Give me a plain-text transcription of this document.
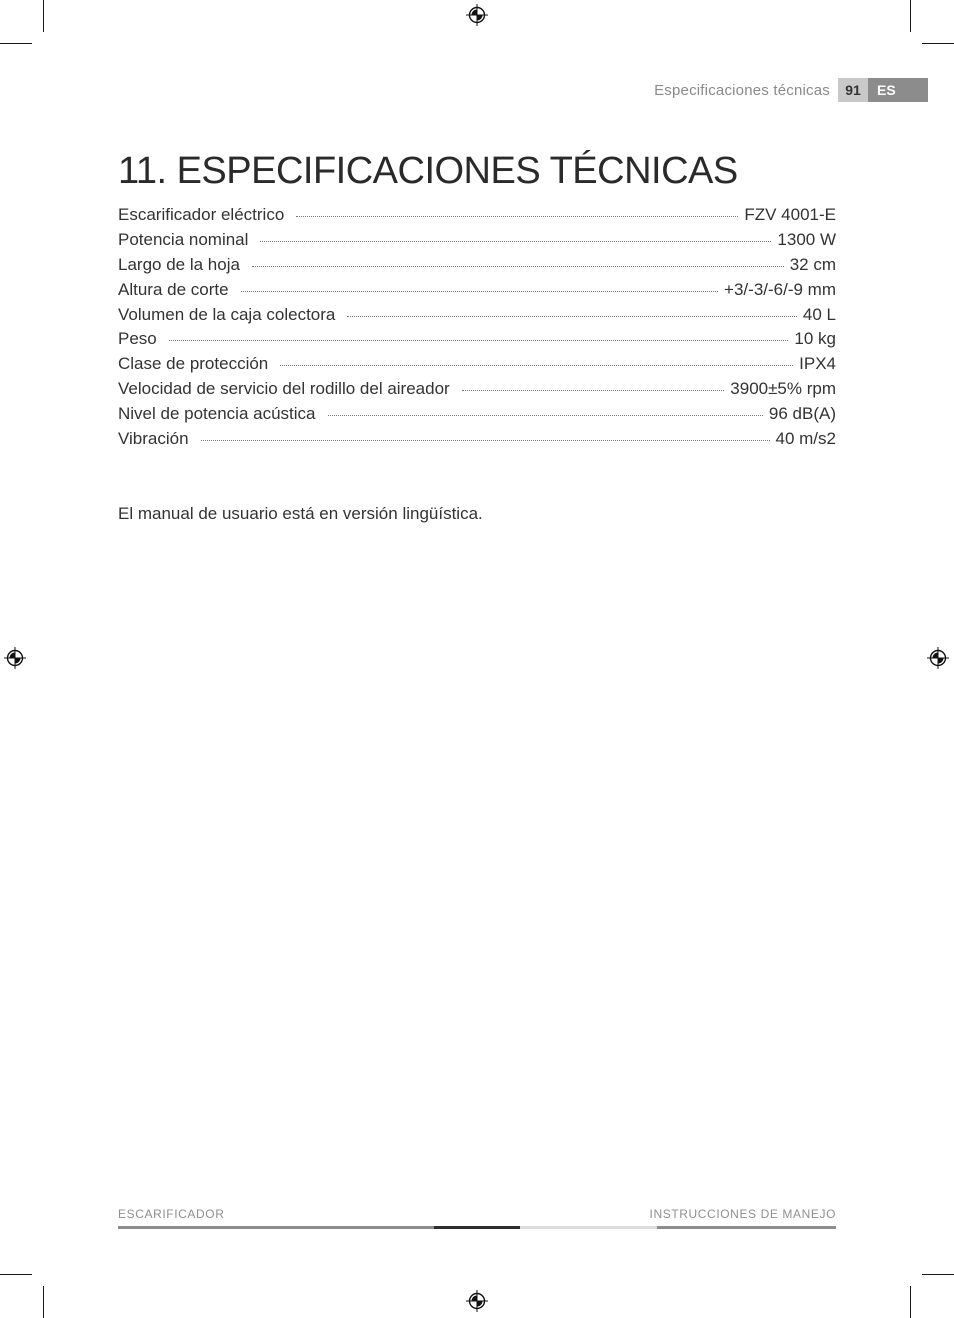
Especificaciones técnicas	91	ES
11. ESPECIFICACIONES TÉCNICAS
Escarificador eléctrico	FZV 4001-E
Potencia nominal	1300 W
Largo de la hoja	32 cm
Altura de corte	+3/-3/-6/-9 mm
Volumen de la caja colectora	40 L
Peso	10 kg
Clase de protección	IPX4
Velocidad de servicio del rodillo del aireador	3900±5% rpm
Nivel de potencia acústica	96 dB(A)
Vibración	40 m/s2

El manual de usuario está en versión lingüística.

ESCARIFICADOR	INSTRUCCIONES DE MANEJO
